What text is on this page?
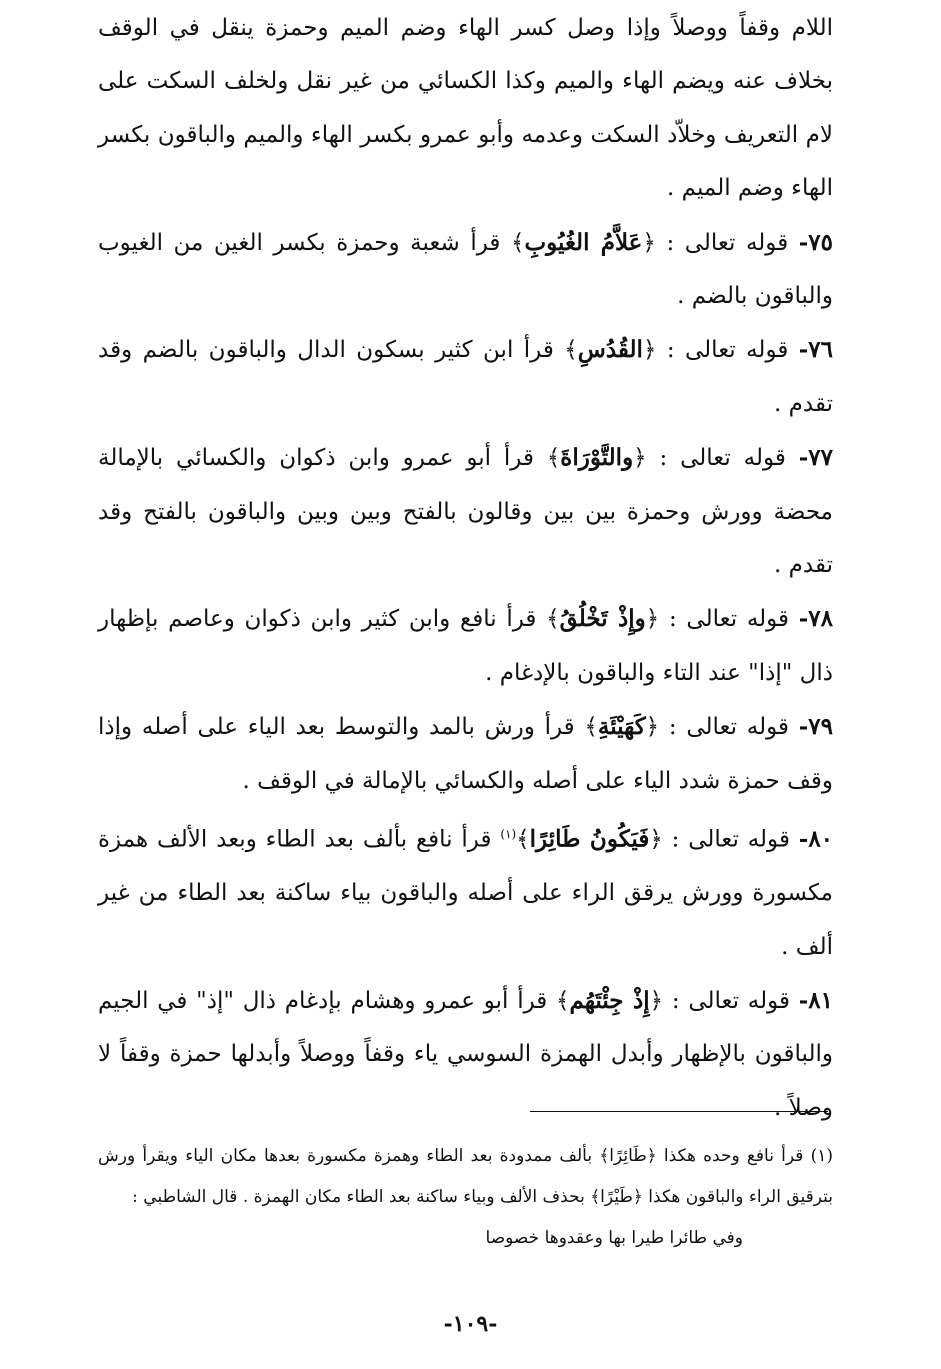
اللام وقفاً ووصلاً وإذا وصل كسر الهاء وضم الميم وحمزة ينقل في الوقف بخلاف عنه ويضم الهاء والميم وكذا الكسائي من غير نقل ولخلف السكت على لام التعريف وخلاّد السكت وعدمه وأبو عمرو بكسر الهاء والميم والباقون بكسر الهاء وضم الميم .

٧٥- قوله تعالى : ﴿عَلاَّمُ الغُيُوبِ﴾ قرأ شعبة وحمزة بكسر الغين من الغيوب والباقون بالضم .

٧٦- قوله تعالى : ﴿القُدُسِ﴾ قرأ ابن كثير بسكون الدال والباقون بالضم وقد تقدم .

٧٧- قوله تعالى : ﴿والتَّوْرَاةَ﴾ قرأ أبو عمرو وابن ذكوان والكسائي بالإمالة محضة وورش وحمزة بين بين وقالون بالفتح وبين وبين والباقون بالفتح وقد تقدم .

٧٨- قوله تعالى : ﴿وإِذْ تَخْلُقُ﴾ قرأ نافع وابن كثير وابن ذكوان وعاصم بإظهار ذال "إذا" عند التاء والباقون بالإدغام .

٧٩- قوله تعالى : ﴿كَهَيْئَةِ﴾ قرأ ورش بالمد والتوسط بعد الياء على أصله وإذا وقف حمزة شدد الياء على أصله والكسائي بالإمالة في الوقف .

٨٠- قوله تعالى : ﴿فَيَكُونُ طَائِرًا﴾$^{(١)}$ قرأ نافع بألف بعد الطاء وبعد الألف همزة مكسورة وورش يرقق الراء على أصله والباقون بياء ساكنة بعد الطاء من غير ألف .

٨١- قوله تعالى : ﴿إِذْ جِئْتَهُم﴾ قرأ أبو عمرو وهشام بإدغام ذال "إذ" في الجيم والباقون بالإظهار وأبدل الهمزة السوسي ياء وقفاً ووصلاً وأبدلها حمزة وقفاً لا وصلاً .

(١) قرأ نافع وحده هكذا ﴿طَائِرًا﴾ بألف ممدودة بعد الطاء وهمزة مكسورة بعدها مكان الياء ويقرأ ورش بترقيق الراء والباقون هكذا ﴿طَيْرًا﴾ بحذف الألف وبياء ساكنة بعد الطاء مكان الهمزة . قال الشاطبي :

وفي طائرا طيرا بها وعقدوها خصوصا
-١٠٩-
